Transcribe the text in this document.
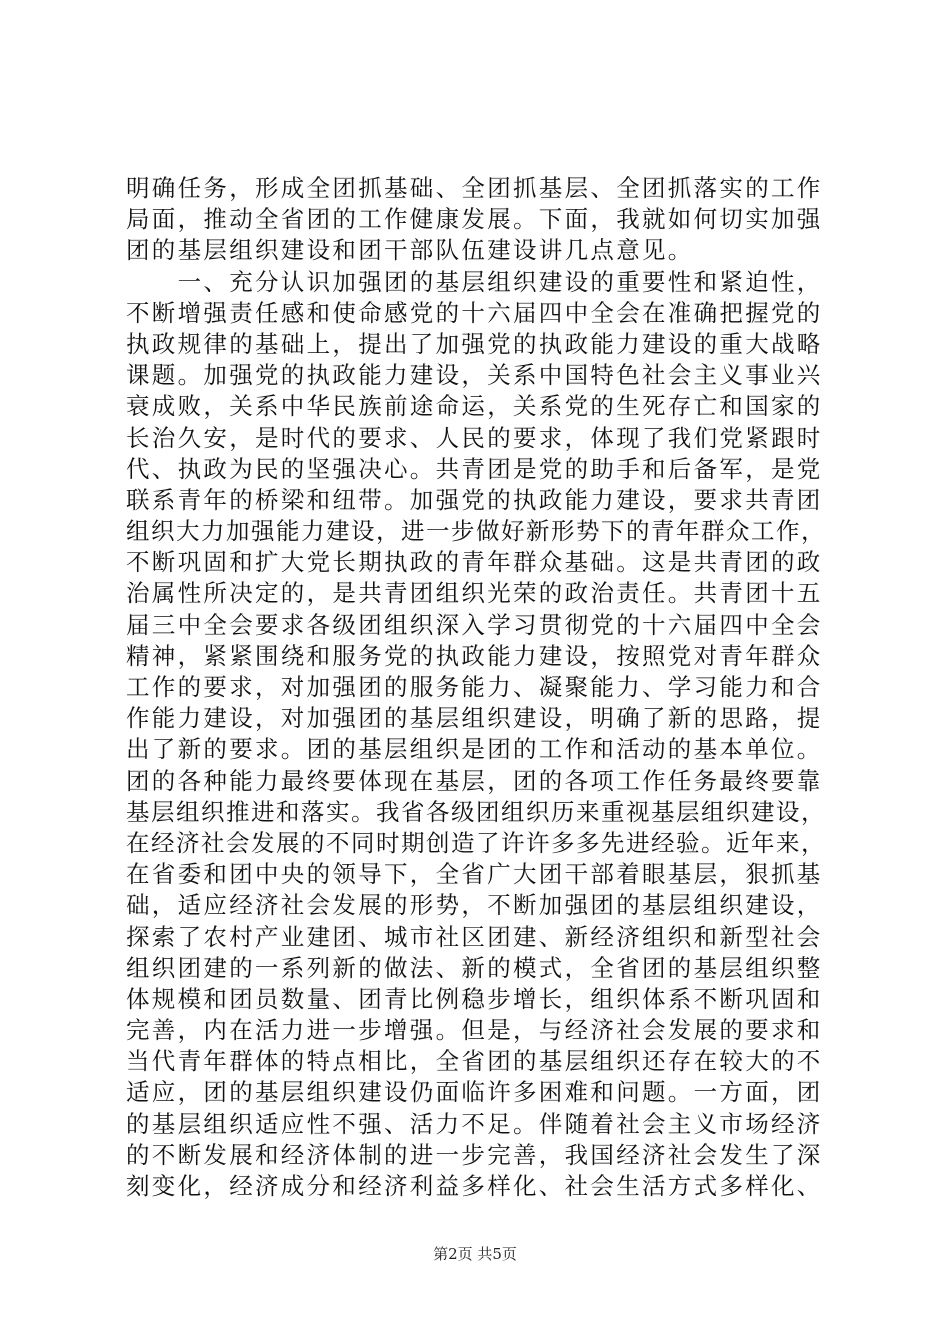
明确任务，形成全团抓基础、全团抓基层、全团抓落实的工作
局面，推动全省团的工作健康发展。下面，我就如何切实加强
团的基层组织建设和团干部队伍建设讲几点意见。
　　一、充分认识加强团的基层组织建设的重要性和紧迫性，
不断增强责任感和使命感党的十六届四中全会在准确把握党的
执政规律的基础上，提出了加强党的执政能力建设的重大战略
课题。加强党的执政能力建设，关系中国特色社会主义事业兴
衰成败，关系中华民族前途命运，关系党的生死存亡和国家的
长治久安，是时代的要求、人民的要求，体现了我们党紧跟时
代、执政为民的坚强决心。共青团是党的助手和后备军，是党
联系青年的桥梁和纽带。加强党的执政能力建设，要求共青团
组织大力加强能力建设，进一步做好新形势下的青年群众工作，
不断巩固和扩大党长期执政的青年群众基础。这是共青团的政
治属性所决定的，是共青团组织光荣的政治责任。共青团十五
届三中全会要求各级团组织深入学习贯彻党的十六届四中全会
精神，紧紧围绕和服务党的执政能力建设，按照党对青年群众
工作的要求，对加强团的服务能力、凝聚能力、学习能力和合
作能力建设，对加强团的基层组织建设，明确了新的思路，提
出了新的要求。团的基层组织是团的工作和活动的基本单位。
团的各种能力最终要体现在基层，团的各项工作任务最终要靠
基层组织推进和落实。我省各级团组织历来重视基层组织建设，
在经济社会发展的不同时期创造了许许多多先进经验。近年来，
在省委和团中央的领导下，全省广大团干部着眼基层，狠抓基
础，适应经济社会发展的形势，不断加强团的基层组织建设，
探索了农村产业建团、城市社区团建、新经济组织和新型社会
组织团建的一系列新的做法、新的模式，全省团的基层组织整
体规模和团员数量、团青比例稳步增长，组织体系不断巩固和
完善，内在活力进一步增强。但是，与经济社会发展的要求和
当代青年群体的特点相比，全省团的基层组织还存在较大的不
适应，团的基层组织建设仍面临许多困难和问题。一方面，团
的基层组织适应性不强、活力不足。伴随着社会主义市场经济
的不断发展和经济体制的进一步完善，我国经济社会发生了深
刻变化，经济成分和经济利益多样化、社会生活方式多样化、
第2页 共5页
